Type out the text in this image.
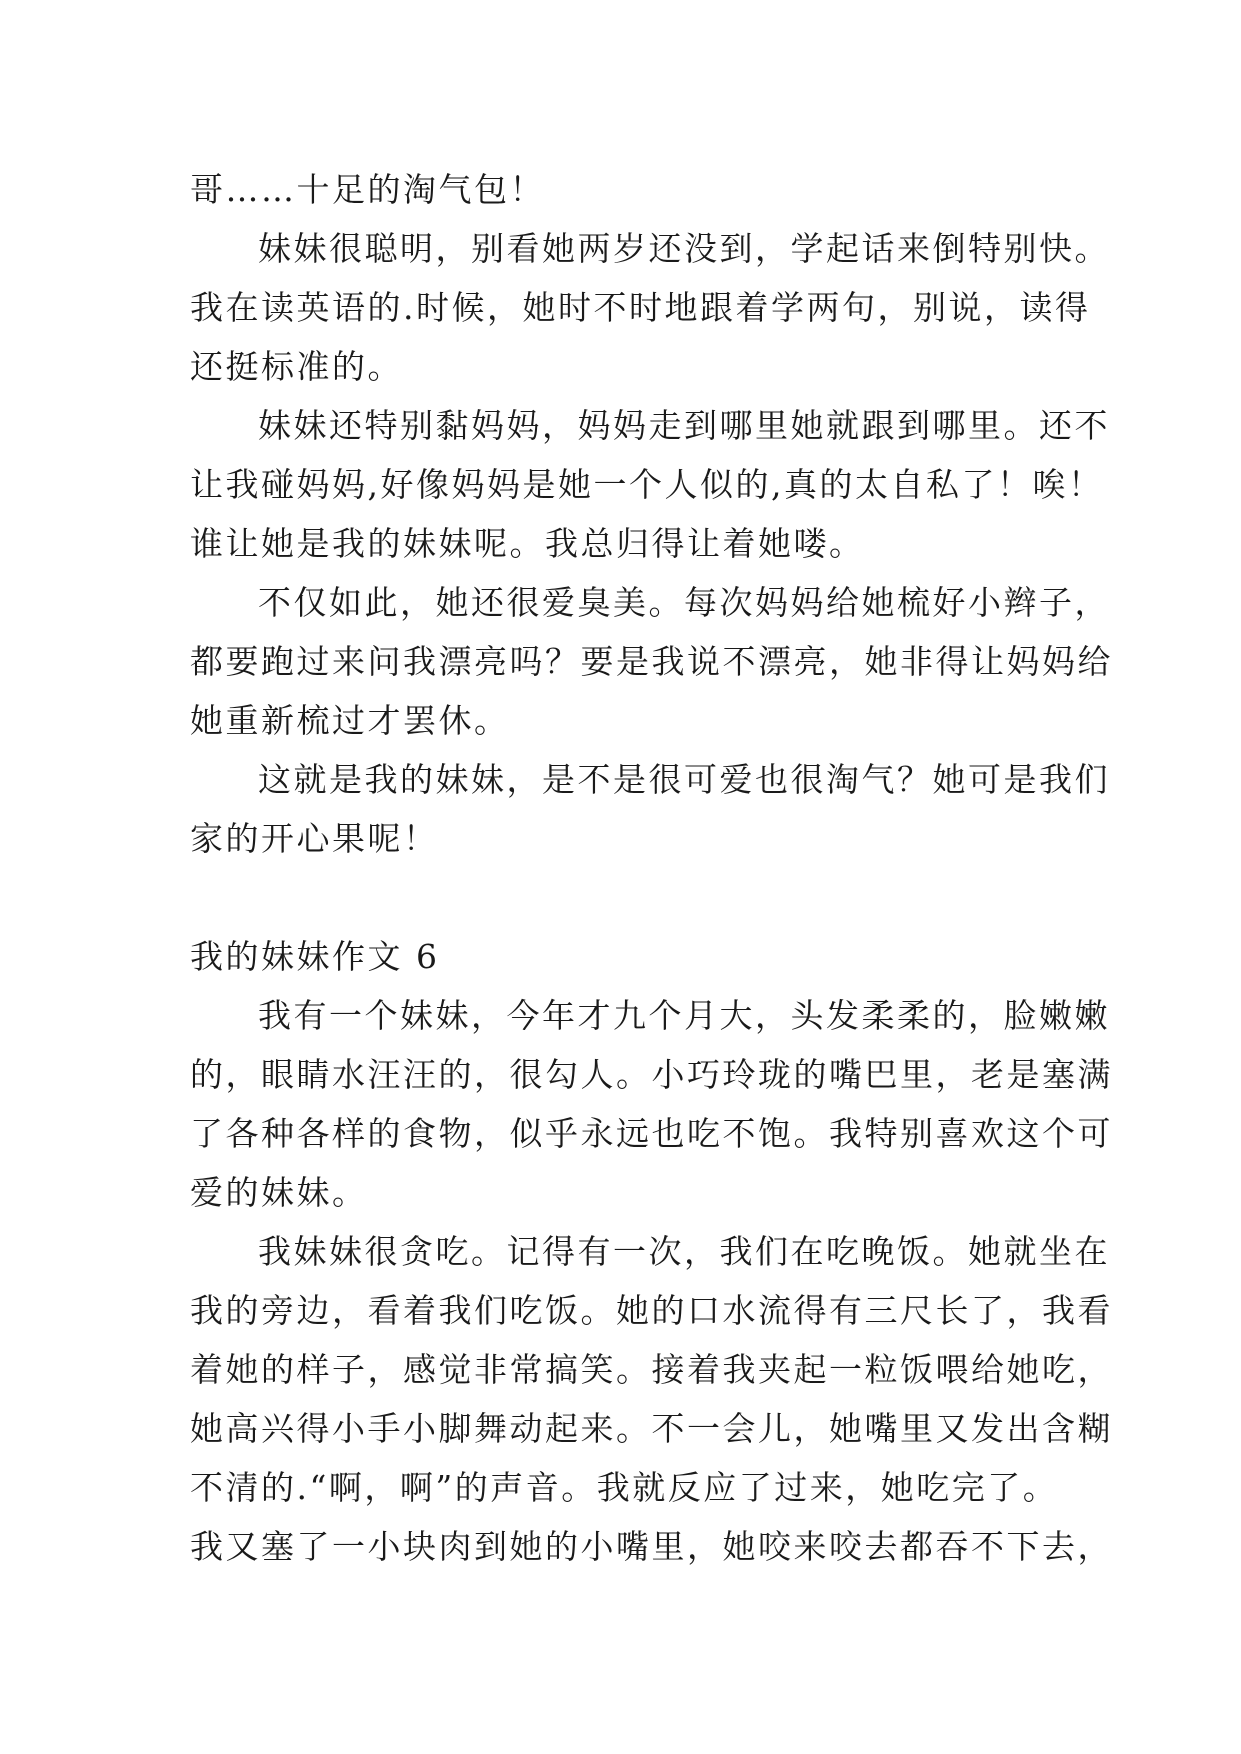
哥……十足的淘气包！
妹妹很聪明，别看她两岁还没到，学起话来倒特别快。
我在读英语的.时候，她时不时地跟着学两句，别说，读得
还挺标准的。
妹妹还特别黏妈妈，妈妈走到哪里她就跟到哪里。还不
让我碰妈妈,好像妈妈是她一个人似的,真的太自私了！唉！
谁让她是我的妹妹呢。我总归得让着她喽。
不仅如此，她还很爱臭美。每次妈妈给她梳好小辫子，
都要跑过来问我漂亮吗？要是我说不漂亮，她非得让妈妈给
她重新梳过才罢休。
这就是我的妹妹，是不是很可爱也很淘气？她可是我们
家的开心果呢！
我的妹妹作文 6
我有一个妹妹，今年才九个月大，头发柔柔的，脸嫩嫩
的，眼睛水汪汪的，很勾人。小巧玲珑的嘴巴里，老是塞满
了各种各样的食物，似乎永远也吃不饱。我特别喜欢这个可
爱的妹妹。
我妹妹很贪吃。记得有一次，我们在吃晚饭。她就坐在
我的旁边，看着我们吃饭。她的口水流得有三尺长了，我看
着她的样子，感觉非常搞笑。接着我夹起一粒饭喂给她吃，
她高兴得小手小脚舞动起来。不一会儿，她嘴里又发出含糊
不清的.“啊，啊”的声音。我就反应了过来，她吃完了。
我又塞了一小块肉到她的小嘴里，她咬来咬去都吞不下去，
